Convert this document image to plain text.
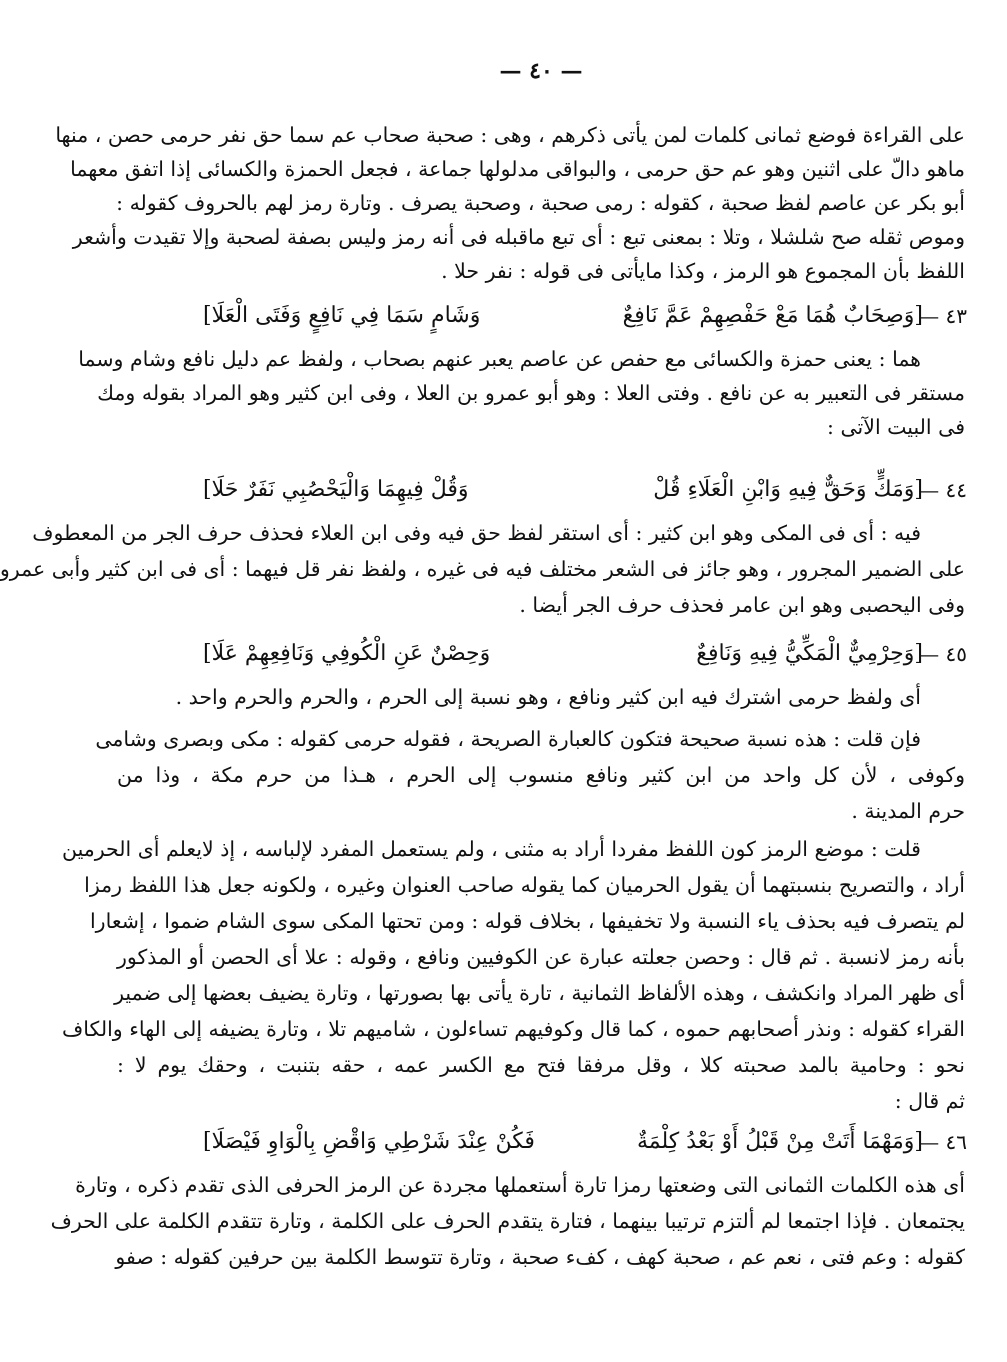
— ٤٠ —
على القراءة فوضع ثمانى كلمات لمن يأتى ذكرهم ، وهى : صحبة صحاب عم سما حق نفر حرمى حصن ، منها
ماهو دالّ على اثنين وهو عم حق حرمى ، والبواقى مدلولها جماعة ، فجعل الحمزة والكسائى إذا اتفق معهما
أبو بكر عن عاصم لفظ صحبة ، كقوله : رمى صحبة ، وصحبة يصرف . وتارة رمز لهم بالحروف كقوله :
وموص ثقله صح شلشلا ، وتلا : بمعنى تبع : أى تبع ماقبله فى أنه رمز وليس بصفة لصحبة وإلا تقيدت وأشعر
اللفظ بأن المجموع هو الرمز ، وكذا مايأتى فى قوله : نفر حلا .
٤٣ —
[وَصِحَابٌ هُمَا مَعْ حَفْصِهِمْ عَمَّ نَافِعٌ
وَشَامٍ سَمَا فِي نَافِعٍ وَفَتَى الْعَلَا]
هما : يعنى حمزة والكسائى مع حفص عن عاصم يعبر عنهم بصحاب ، ولفظ عم دليل نافع وشام وسما
مستقر فى التعبير به عن نافع . وفتى العلا : وهو أبو عمرو بن العلا ، وفى ابن كثير وهو المراد بقوله ومك
فى البيت الآتى :
٤٤ —
[وَمَكٍّ وَحَقٌّ فِيهِ وَابْنِ الْعَلَاءِ قُلْ
وَقُلْ فِيهِمَا وَالْيَحْصُبِي نَفَرٌ حَلَا]
فيه : أى فى المكى وهو ابن كثير : أى استقر لفظ حق فيه وفى ابن العلاء فحذف حرف الجر من المعطوف
على الضمير المجرور ، وهو جائز فى الشعر مختلف فيه فى غيره ، ولفظ نفر قل فيهما : أى فى ابن كثير وأبى عمرو
وفى اليحصبى وهو ابن عامر فحذف حرف الجر أيضا .
٤٥ —
[وَحِرْمِيٌّ الْمَكِّيُّ فِيهِ وَنَافِعٌ
وَحِصْنٌ عَنِ الْكُوفِي وَنَافِعِهِمْ عَلَا]
أى ولفظ حرمى اشترك فيه ابن كثير ونافع ، وهو نسبة إلى الحرم ، والحرم والحرم واحد .
فإن قلت : هذه نسبة صحيحة فتكون كالعبارة الصريحة ، فقوله حرمى كقوله : مكى وبصرى وشامى
وكوفى ، لأن كل واحد من ابن كثير ونافع منسوب إلى الحرم ، هـذا من حرم مكة ، وذا من
حرم المدينة .
قلت : موضع الرمز كون اللفظ مفردا أراد به مثنى ، ولم يستعمل المفرد لإلباسه ، إذ لايعلم أى الحرمين
أراد ، والتصريح بنسبتهما أن يقول الحرميان كما يقوله صاحب العنوان وغيره ، ولكونه جعل هذا اللفظ رمزا
لم يتصرف فيه بحذف ياء النسبة ولا تخفيفها ، بخلاف قوله : ومن تحتها المكى سوى الشام ضموا ، إشعارا
بأنه رمز لانسبة . ثم قال : وحصن جعلته عبارة عن الكوفيين ونافع ، وقوله : علا أى الحصن أو المذكور
أى ظهر المراد وانكشف ، وهذه الألفاظ الثمانية ، تارة يأتى بها بصورتها ، وتارة يضيف بعضها إلى ضمير
القراء كقوله : ونذر أصحابهم حموه ، كما قال وكوفيهم تساءلون ، شاميهم تلا ، وتارة يضيفه إلى الهاء والكاف
نحو : وحامية بالمد صحبته كلا ، وقل مرفقا فتح مع الكسر عمه ، حقه بتنبت ، وحقك يوم لا :
ثم قال :
٤٦ —
[وَمَهْمَا أَتَتْ مِنْ قَبْلُ أَوْ بَعْدُ كِلْمَةٌ
فَكُنْ عِنْدَ شَرْطِي وَاقْضِ بِالْوَاوِ فَيْصَلَا]
أى هذه الكلمات الثمانى التى وضعتها رمزا تارة أستعملها مجردة عن الرمز الحرفى الذى تقدم ذكره ، وتارة
يجتمعان . فإذا اجتمعا لم ألتزم ترتيبا بينهما ، فتارة يتقدم الحرف على الكلمة ، وتارة تتقدم الكلمة على الحرف
كقوله : وعم فتى ، نعم عم ، صحبة كهف ، كفء صحبة ، وتارة تتوسط الكلمة بين حرفين كقوله : صفو
